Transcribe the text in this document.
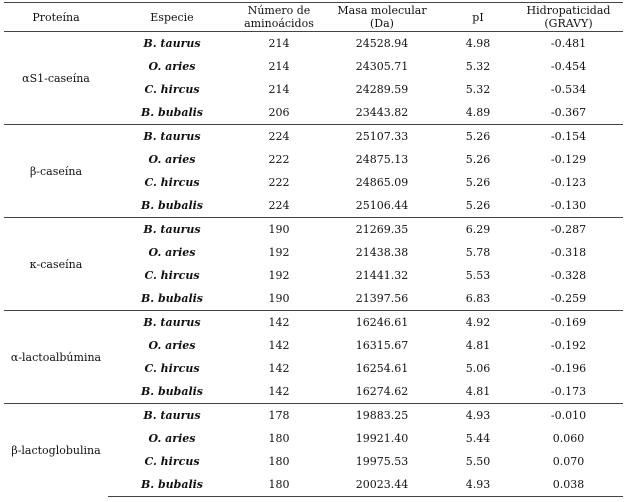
Proteína	Especie	Número de aminoácidos	Masa molecular (Da)	pI	Hidropaticidad (GRAVY)
αS1-caseína	B. taurus	214	24528.94	4.98	-0.481
	O. aries	214	24305.71	5.32	-0.454
	C. hircus	214	24289.59	5.32	-0.534
	B. bubalis	206	23443.82	4.89	-0.367
β-caseína	B. taurus	224	25107.33	5.26	-0.154
	O. aries	222	24875.13	5.26	-0.129
	C. hircus	222	24865.09	5.26	-0.123
	B. bubalis	224	25106.44	5.26	-0.130
κ-caseína	B. taurus	190	21269.35	6.29	-0.287
	O. aries	192	21438.38	5.78	-0.318
	C. hircus	192	21441.32	5.53	-0.328
	B. bubalis	190	21397.56	6.83	-0.259
α-lactoalbúmina	B. taurus	142	16246.61	4.92	-0.169
	O. aries	142	16315.67	4.81	-0.192
	C. hircus	142	16254.61	5.06	-0.196
	B. bubalis	142	16274.62	4.81	-0.173
β-lactoglobulina	B. taurus	178	19883.25	4.93	-0.010
	O. aries	180	19921.40	5.44	0.060
	C. hircus	180	19975.53	5.50	0.070
	B. bubalis	180	20023.44	4.93	0.038
